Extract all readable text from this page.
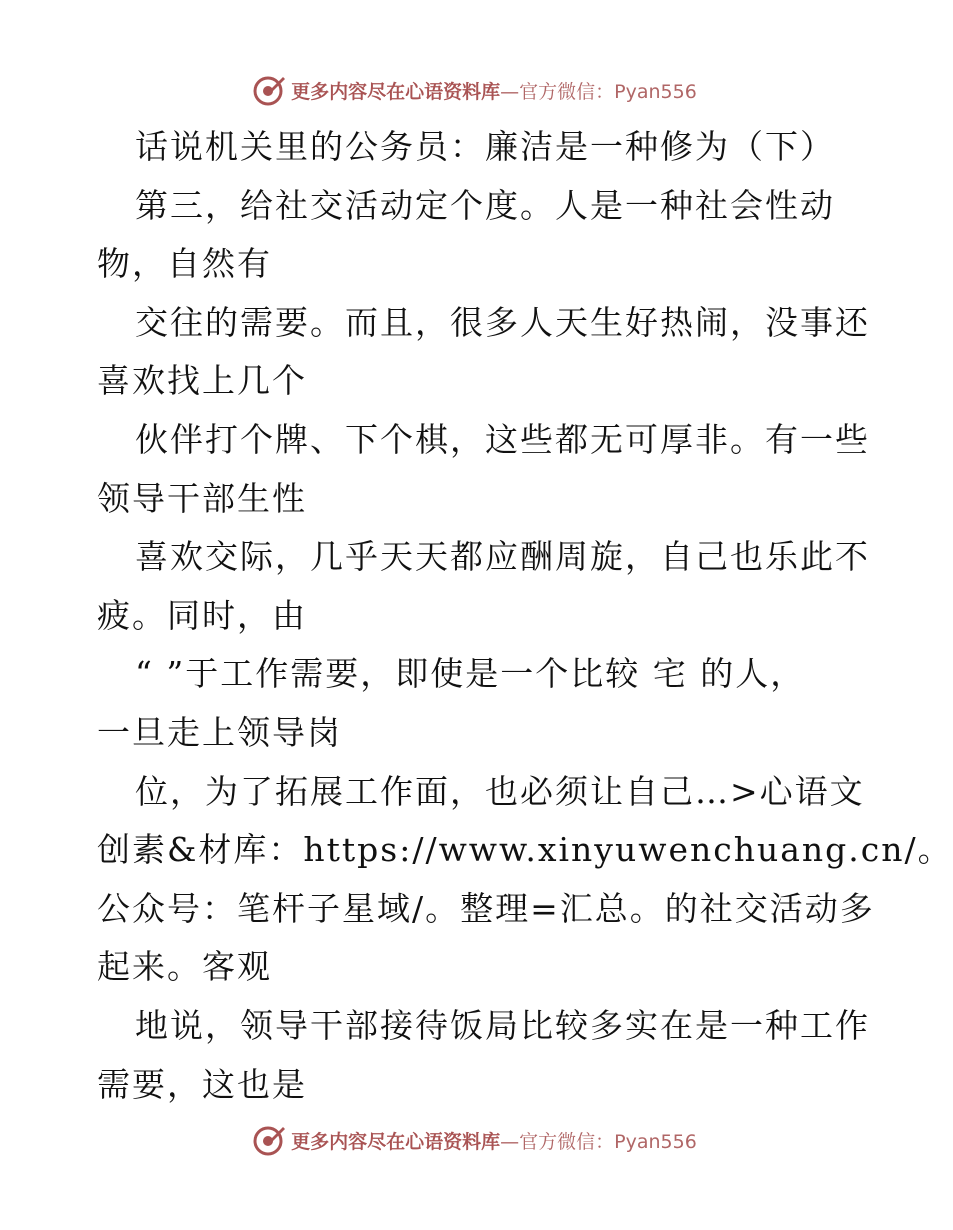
更多内容尽在心语资料库 —官方微信：Pyan556
话说机关里的公务员：廉洁是一种修为（下）
第三，给社交活动定个度。人是一种社会性动
物，自然有
交往的需要。而且，很多人天生好热闹，没事还
喜欢找上几个
伙伴打个牌、下个棋，这些都无可厚非。有一些
领导干部生性
喜欢交际，几乎天天都应酬周旋，自己也乐此不
疲。同时，由
“ ”于工作需要，即使是一个比较 宅 的人，
一旦走上领导岗
位，为了拓展工作面，也必须让自己…>心语文
创素&材库：https://www.xinyuwenchuang.cn/。
公众号：笔杆子星域/。整理=汇总。的社交活动多
起来。客观
地说，领导干部接待饭局比较多实在是一种工作
需要，这也是
更多内容尽在心语资料库 —官方微信：Pyan556
